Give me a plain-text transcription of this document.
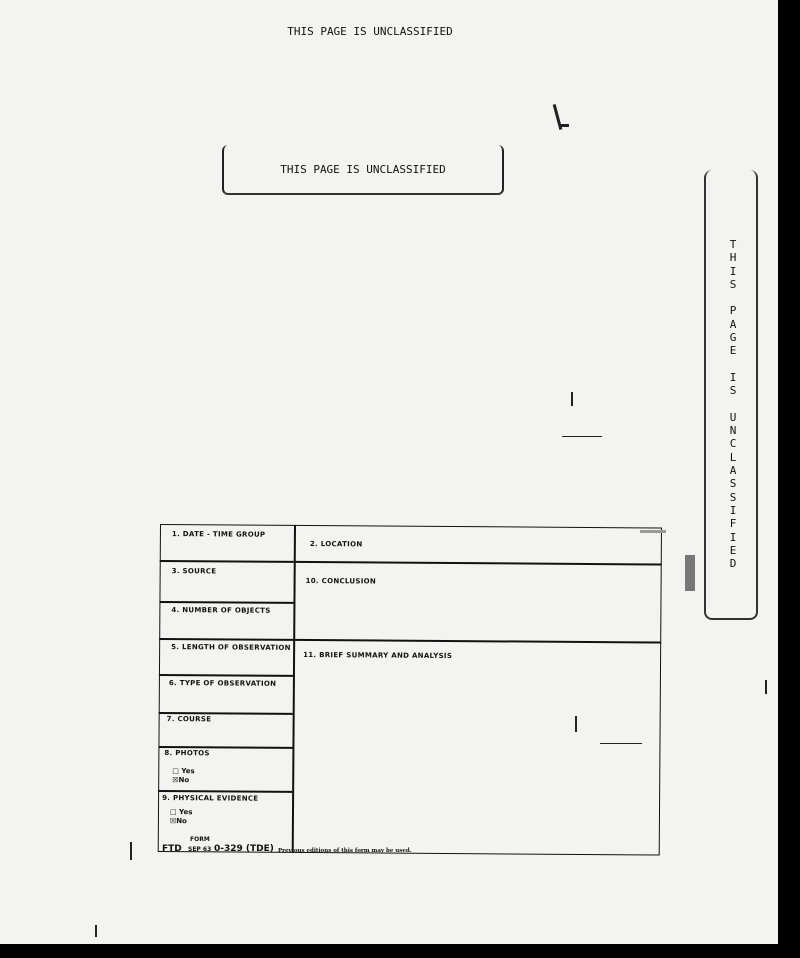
THIS PAGE IS UNCLASSIFIED
THIS PAGE IS UNCLASSIFIED
T
H
I
S

P
A
G
E

I
S

U
N
C
L
A
S
S
I
F
I
E
D
1. DATE - TIME GROUP
3. SOURCE
4. NUMBER OF OBJECTS
5. LENGTH OF OBSERVATION
6. TYPE OF OBSERVATION
7. COURSE
8. PHOTOS
9. PHYSICAL EVIDENCE
2. LOCATION
10. CONCLUSION
11. BRIEF SUMMARY AND ANALYSIS
□ Yes
☒No
□ Yes
☒No
FORM
FTD SEP 63 0-329 (TDE) Previous editions of this form may be used.
